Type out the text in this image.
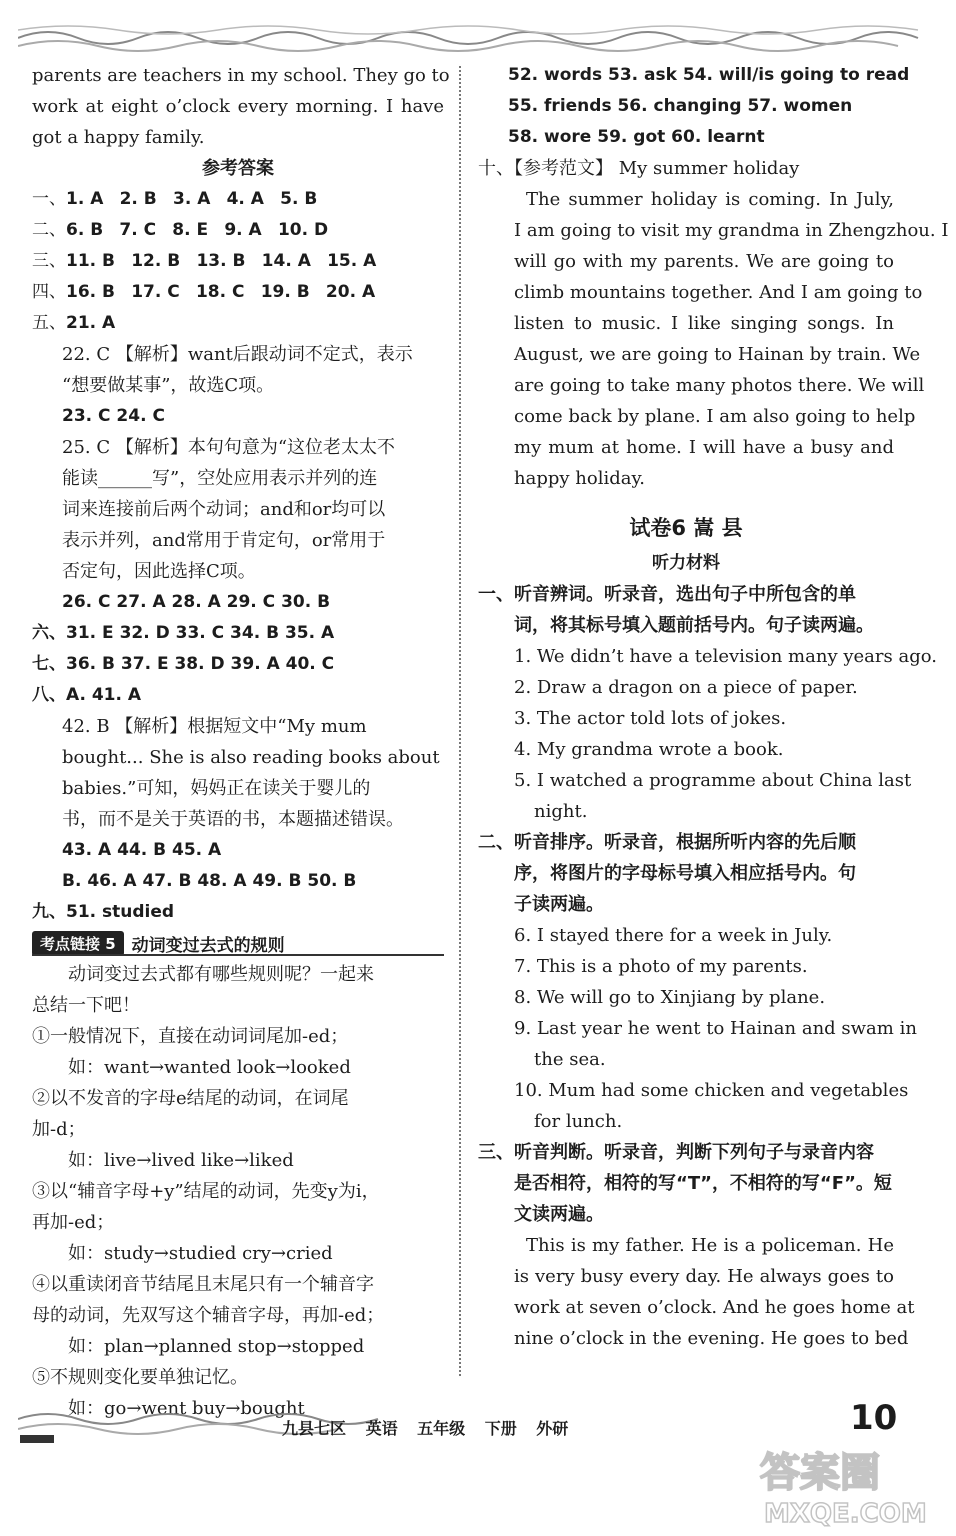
parents are teachers in my school. They go to
work at eight o’clock every morning. I have
got a happy family.
参考答案
一、1. A 2. B 3. A 4. A 5. B
二、6. B 7. C 8. E 9. A 10. D
三、11. B 12. B 13. B 14. A 15. A
四、16. B 17. C 18. C 19. B 20. A
五、21. A
22. C 【解析】want后跟动词不定式，表示
“想要做某事”，故选C项。
23. C 24. C
25. C 【解析】本句句意为“这位老太太不
能读______写”，空处应用表示并列的连
词来连接前后两个动词；and和or均可以
表示并列，and常用于肯定句，or常用于
否定句，因此选择C项。
26. C 27. A 28. A 29. C 30. B
六、31. E 32. D 33. C 34. B 35. A
七、36. B 37. E 38. D 39. A 40. C
八、A. 41. A
42. B 【解析】根据短文中“My mum
bought... She is also reading books about
babies.”可知，妈妈正在读关于婴儿的
书，而不是关于英语的书，本题描述错误。
43. A 44. B 45. A
B. 46. A 47. B 48. A 49. B 50. B
九、51. studied
考点链接 5 动词变过去式的规则
动词变过去式都有哪些规则呢？一起来
总结一下吧！
①一般情况下，直接在动词词尾加-ed；
如：want→wanted look→looked
②以不发音的字母e结尾的动词，在词尾
加-d；
如：live→lived like→liked
③以“辅音字母+y”结尾的动词，先变y为i，
再加-ed；
如：study→studied cry→cried
④以重读闭音节结尾且末尾只有一个辅音字
母的动词，先双写这个辅音字母，再加-ed；
如：plan→planned stop→stopped
⑤不规则变化要单独记忆。
如：go→went buy→bought
52. words 53. ask 54. will/is going to read
55. friends 56. changing 57. women
58. wore 59. got 60. learnt
十、【参考范文】 My summer holiday
The summer holiday is coming. In July,
I am going to visit my grandma in Zhengzhou. I
will go with my parents. We are going to
climb mountains together. And I am going to
listen to music. I like singing songs. In
August, we are going to Hainan by train. We
are going to take many photos there. We will
come back by plane. I am also going to help
my mum at home. I will have a busy and
happy holiday.
试卷6 嵩 县
听力材料
一、听音辨词。听录音，选出句子中所包含的单
词，将其标号填入题前括号内。句子读两遍。
1. We didn’t have a television many years ago.
2. Draw a dragon on a piece of paper.
3. The actor told lots of jokes.
4. My grandma wrote a book.
5. I watched a programme about China last
night.
二、听音排序。听录音，根据所听内容的先后顺
序，将图片的字母标号填入相应括号内。句
子读两遍。
6. I stayed there for a week in July.
7. This is a photo of my parents.
8. We will go to Xinjiang by plane.
9. Last year he went to Hainan and swam in
the sea.
10. Mum had some chicken and vegetables
for lunch.
三、听音判断。听录音，判断下列句子与录音内容
是否相符，相符的写“T”，不相符的写“F”。短
文读两遍。
This is my father. He is a policeman. He
is very busy every day. He always goes to
work at seven o’clock. And he goes home at
nine o’clock in the evening. He goes to bed
九县七区 英语 五年级 下册 外研	10
答案圈
MXQE.COM
